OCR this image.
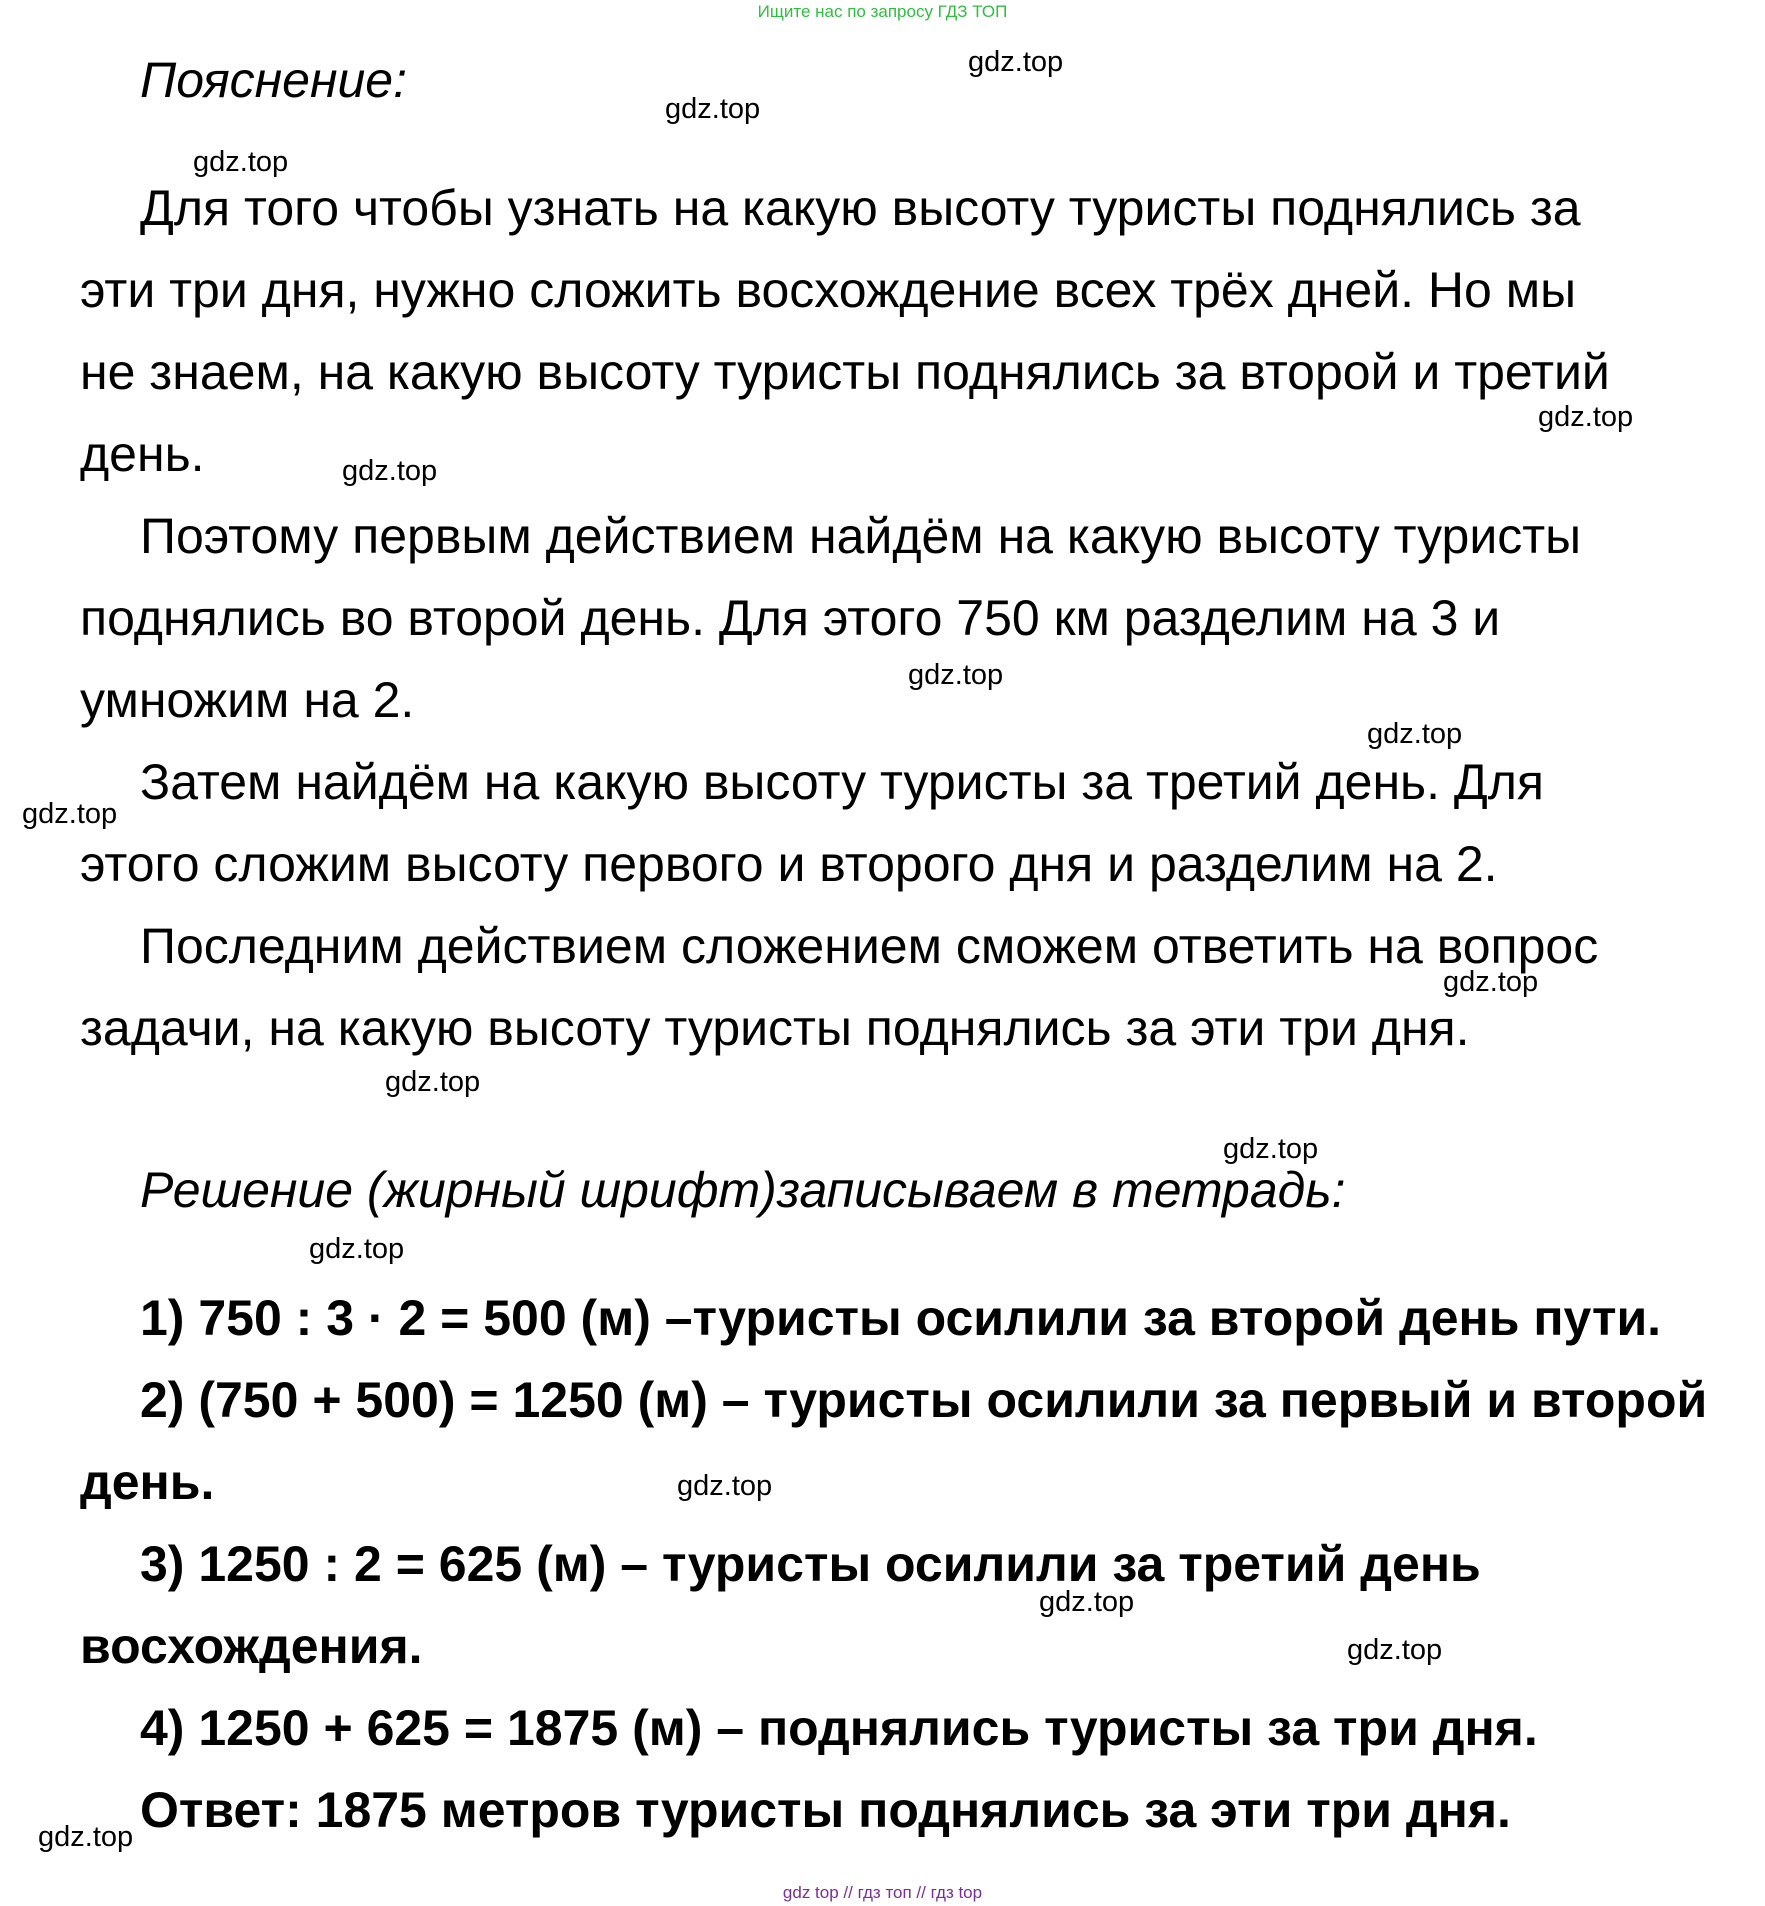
Ищите нас по запросу ГДЗ ТОП
Пояснение:
Для того чтобы узнать на какую высоту туристы поднялись за
эти три дня, нужно сложить восхождение всех трёх дней. Но мы
не знаем, на какую высоту туристы поднялись за второй и третий
день.
Поэтому первым действием найдём на какую высоту туристы
поднялись во второй день. Для этого 750 км разделим на 3 и
умножим на 2.
Затем найдём на какую высоту туристы за третий день. Для
этого сложим высоту первого и второго дня и разделим на 2.
Последним действием сложением сможем ответить на вопрос
задачи, на какую высоту туристы поднялись за эти три дня.
Решение (жирный шрифт)записываем в тетрадь:
1) 750 : 3 · 2 = 500 (м) –туристы осилили за второй день пути.
2) (750 + 500) = 1250 (м) – туристы осилили за первый и второй
день.
3) 1250 : 2 = 625 (м) – туристы осилили за третий день
восхождения.
4) 1250 + 625 = 1875 (м) – поднялись туристы за три дня.
Ответ: 1875 метров туристы поднялись за эти три дня.
gdz.top
gdz.top
gdz.top
gdz.top
gdz.top
gdz.top
gdz.top
gdz.top
gdz.top
gdz.top
gdz.top
gdz.top
gdz.top
gdz.top
gdz.top
gdz.top
gdz top // гдз топ // гдз top
